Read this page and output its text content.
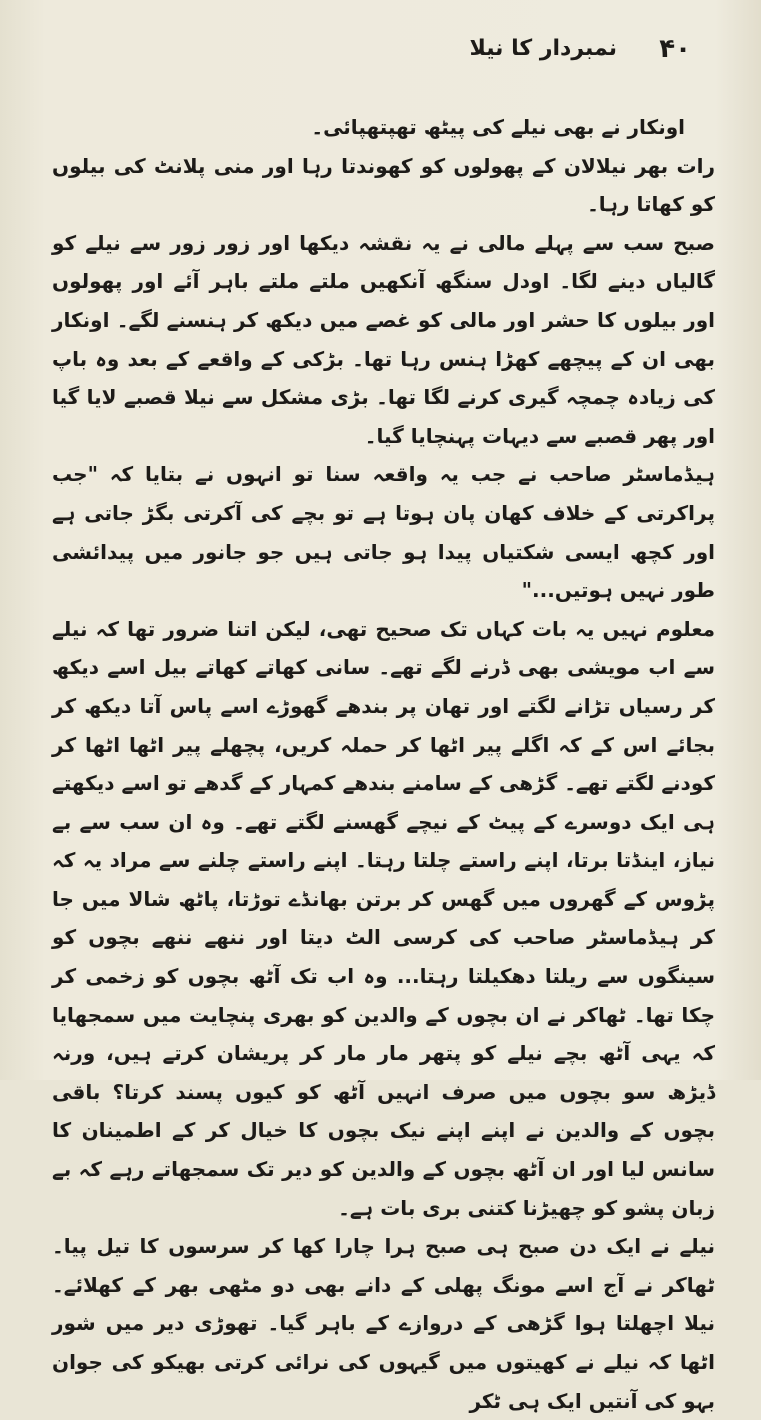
۴۰
نمبردار کا نیلا

اونکار نے بھی نیلے کی پیٹھ تھپتھپائی۔

رات بھر نیلالان کے پھولوں کو کھوندتا رہا اور منی پلانٹ کی بیلوں کو کھاتا رہا۔

صبح سب سے پہلے مالی نے یہ نقشہ دیکھا اور زور زور سے نیلے کو گالیاں دینے لگا۔ اودل سنگھ آنکھیں ملتے ملتے باہر آئے اور پھولوں اور بیلوں کا حشر اور مالی کو غصے میں دیکھ کر ہنسنے لگے۔ اونکار بھی ان کے پیچھے کھڑا ہنس رہا تھا۔ بڑکی کے واقعے کے بعد وہ باپ کی زیادہ چمچہ گیری کرنے لگا تھا۔ بڑی مشکل سے نیلا قصبے لایا گیا اور پھر قصبے سے دیہات پہنچایا گیا۔

ہیڈماسٹر صاحب نے جب یہ واقعہ سنا تو انہوں نے بتایا کہ "جب پراکرتی کے خلاف کھان پان ہوتا ہے تو بچے کی آکرتی بگڑ جاتی ہے اور کچھ ایسی شکتیاں پیدا ہو جاتی ہیں جو جانور میں پیدائشی طور نہیں ہوتیں..."

معلوم نہیں یہ بات کہاں تک صحیح تھی، لیکن اتنا ضرور تھا کہ نیلے سے اب مویشی بھی ڈرنے لگے تھے۔ سانی کھاتے کھاتے بیل اسے دیکھ کر رسیاں تڑانے لگتے اور تھان پر بندھے گھوڑے اسے پاس آتا دیکھ کر بجائے اس کے کہ اگلے پیر اٹھا کر حملہ کریں، پچھلے پیر اٹھا اٹھا کر کودنے لگتے تھے۔ گڑھی کے سامنے بندھے کمہار کے گدھے تو اسے دیکھتے ہی ایک دوسرے کے پیٹ کے نیچے گھسنے لگتے تھے۔ وہ ان سب سے بے نیاز، اینڈتا برتا، اپنے راستے چلتا رہتا۔ اپنے راستے چلنے سے مراد یہ کہ پڑوس کے گھروں میں گھس کر برتن بھانڈے توڑتا، پاٹھ شالا میں جا کر ہیڈماسٹر صاحب کی کرسی الٹ دیتا اور ننھے ننھے بچوں کو سینگوں سے ریلتا دھکیلتا رہتا... وہ اب تک آٹھ بچوں کو زخمی کر چکا تھا۔ ٹھاکر نے ان بچوں کے والدین کو بھری پنچایت میں سمجھایا کہ یہی آٹھ بچے نیلے کو پتھر مار مار کر پریشان کرتے ہیں، ورنہ ڈیڑھ سو بچوں میں صرف انہیں آٹھ کو کیوں پسند کرتا؟ باقی بچوں کے والدین نے اپنے اپنے نیک بچوں کا خیال کر کے اطمینان کا سانس لیا اور ان آٹھ بچوں کے والدین کو دیر تک سمجھاتے رہے کہ بے زبان پشو کو چھیڑنا کتنی بری بات ہے۔

نیلے نے ایک دن صبح ہی صبح ہرا چارا کھا کر سرسوں کا تیل پیا۔ ٹھاکر نے آج اسے مونگ پھلی کے دانے بھی دو مٹھی بھر کے کھلائے۔ نیلا اچھلتا ہوا گڑھی کے دروازے کے باہر گیا۔ تھوڑی دیر میں شور اٹھا کہ نیلے نے کھیتوں میں گیہوں کی نرائی کرتی بھیکو کی جوان بہو کی آنتیں ایک ہی ٹکر
